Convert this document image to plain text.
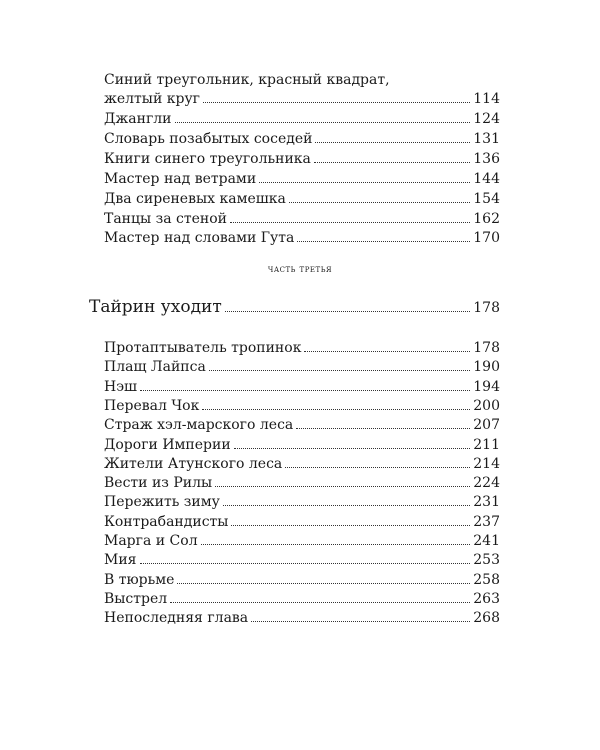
Синий треугольник, красный квадрат,
желтый круг	114
Джангли	124
Словарь позабытых соседей	131
Книги синего треугольника	136
Мастер над ветрами	144
Два сиреневых камешка	154
Танцы за стеной	162
Мастер над словами Гута	170
часть третья
Тайрин уходит	178
Протаптыватель тропинок	178
Плащ Лайпса	190
Нэш	194
Перевал Чок	200
Страж хэл-марского леса	207
Дороги Империи	211
Жители Атунского леса	214
Вести из Рилы	224
Пережить зиму	231
Контрабандисты	237
Марга и Сол	241
Мия	253
В тюрьме	258
Выстрел	263
Непоследняя глава	268
